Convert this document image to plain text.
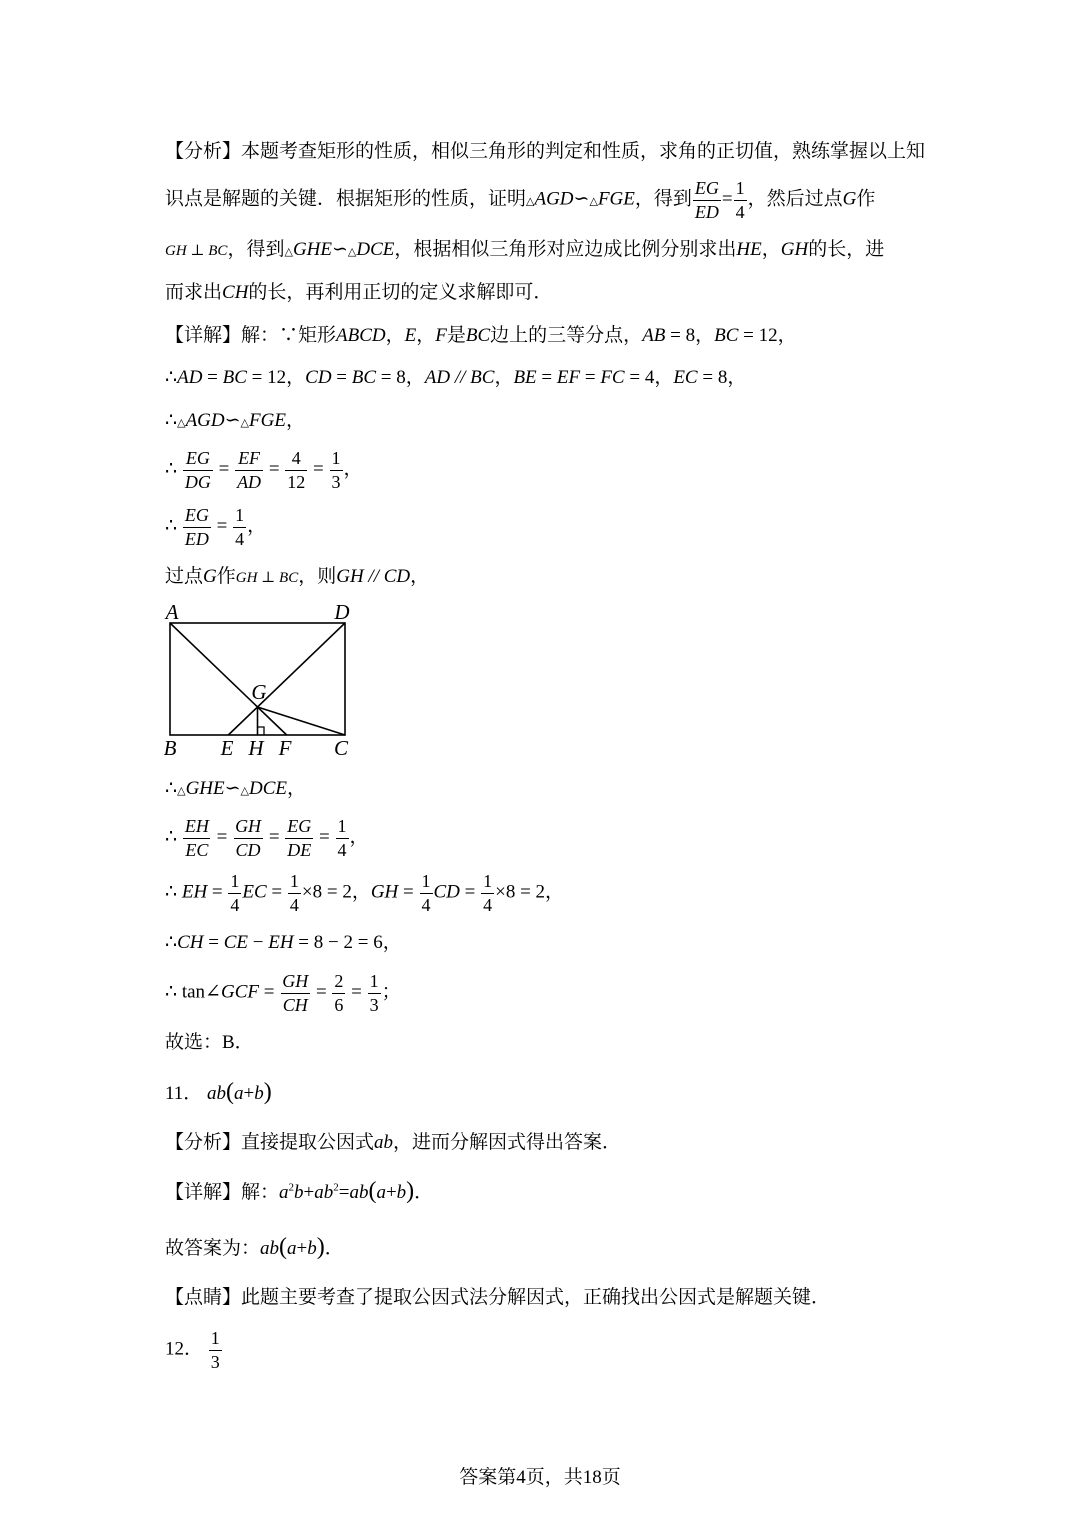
【分析】本题考查矩形的性质，相似三角形的判定和性质，求角的正切值，熟练掌握以上知
识点是解题的关键．根据矩形的性质，证明△AGD∽△FGE，得到 $\frac{EG}{ED} = \frac{1}{4}$ ，然后过点G作
GH ⊥ BC，得到△GHE∽△DCE，根据相似三角形对应边成比例分别求出HE，GH的长，进
而求出CH的长，再利用正切的定义求解即可．
【详解】解：∵矩形ABCD，E，F是BC边上的三等分点，AB = 8，BC = 12，
∴AD = BC = 12，CD = BC = 8，AD // BC，BE = EF = FC = 4，EC = 8，
∴△AGD∽△FGE，
∴ $\frac{EG}{DG} = \frac{EF}{AD} = \frac{4}{12} = \frac{1}{3}$ ，
∴ $\frac{EG}{ED} = \frac{1}{4}$ ，
过点G作GH ⊥ BC，则GH // CD，
A	D
G
B E H F C
∴△GHE∽△DCE，
∴ $\frac{EH}{EC} = \frac{GH}{CD} = \frac{EG}{DE} = \frac{1}{4}$ ，
∴ EH = $\frac{1}{4}$ EC = $\frac{1}{4} \times 8 = 2$，GH = $\frac{1}{4}$ CD = $\frac{1}{4} \times 8 = 2$，
∴CH = CE − EH = 8 − 2 = 6，
∴ tan∠GCF = $\frac{GH}{CH} = \frac{2}{6} = \frac{1}{3}$ ；
故选：B．
11． ab(a+b)
【分析】直接提取公因式ab，进而分解因式得出答案．
【详解】解：$a^2b+ab^2=ab(a+b)$．
故答案为：ab(a+b)．
【点睛】此题主要考查了提取公因式法分解因式，正确找出公因式是解题关键．
12． $\frac{1}{3}$
答案第4页，共18页
